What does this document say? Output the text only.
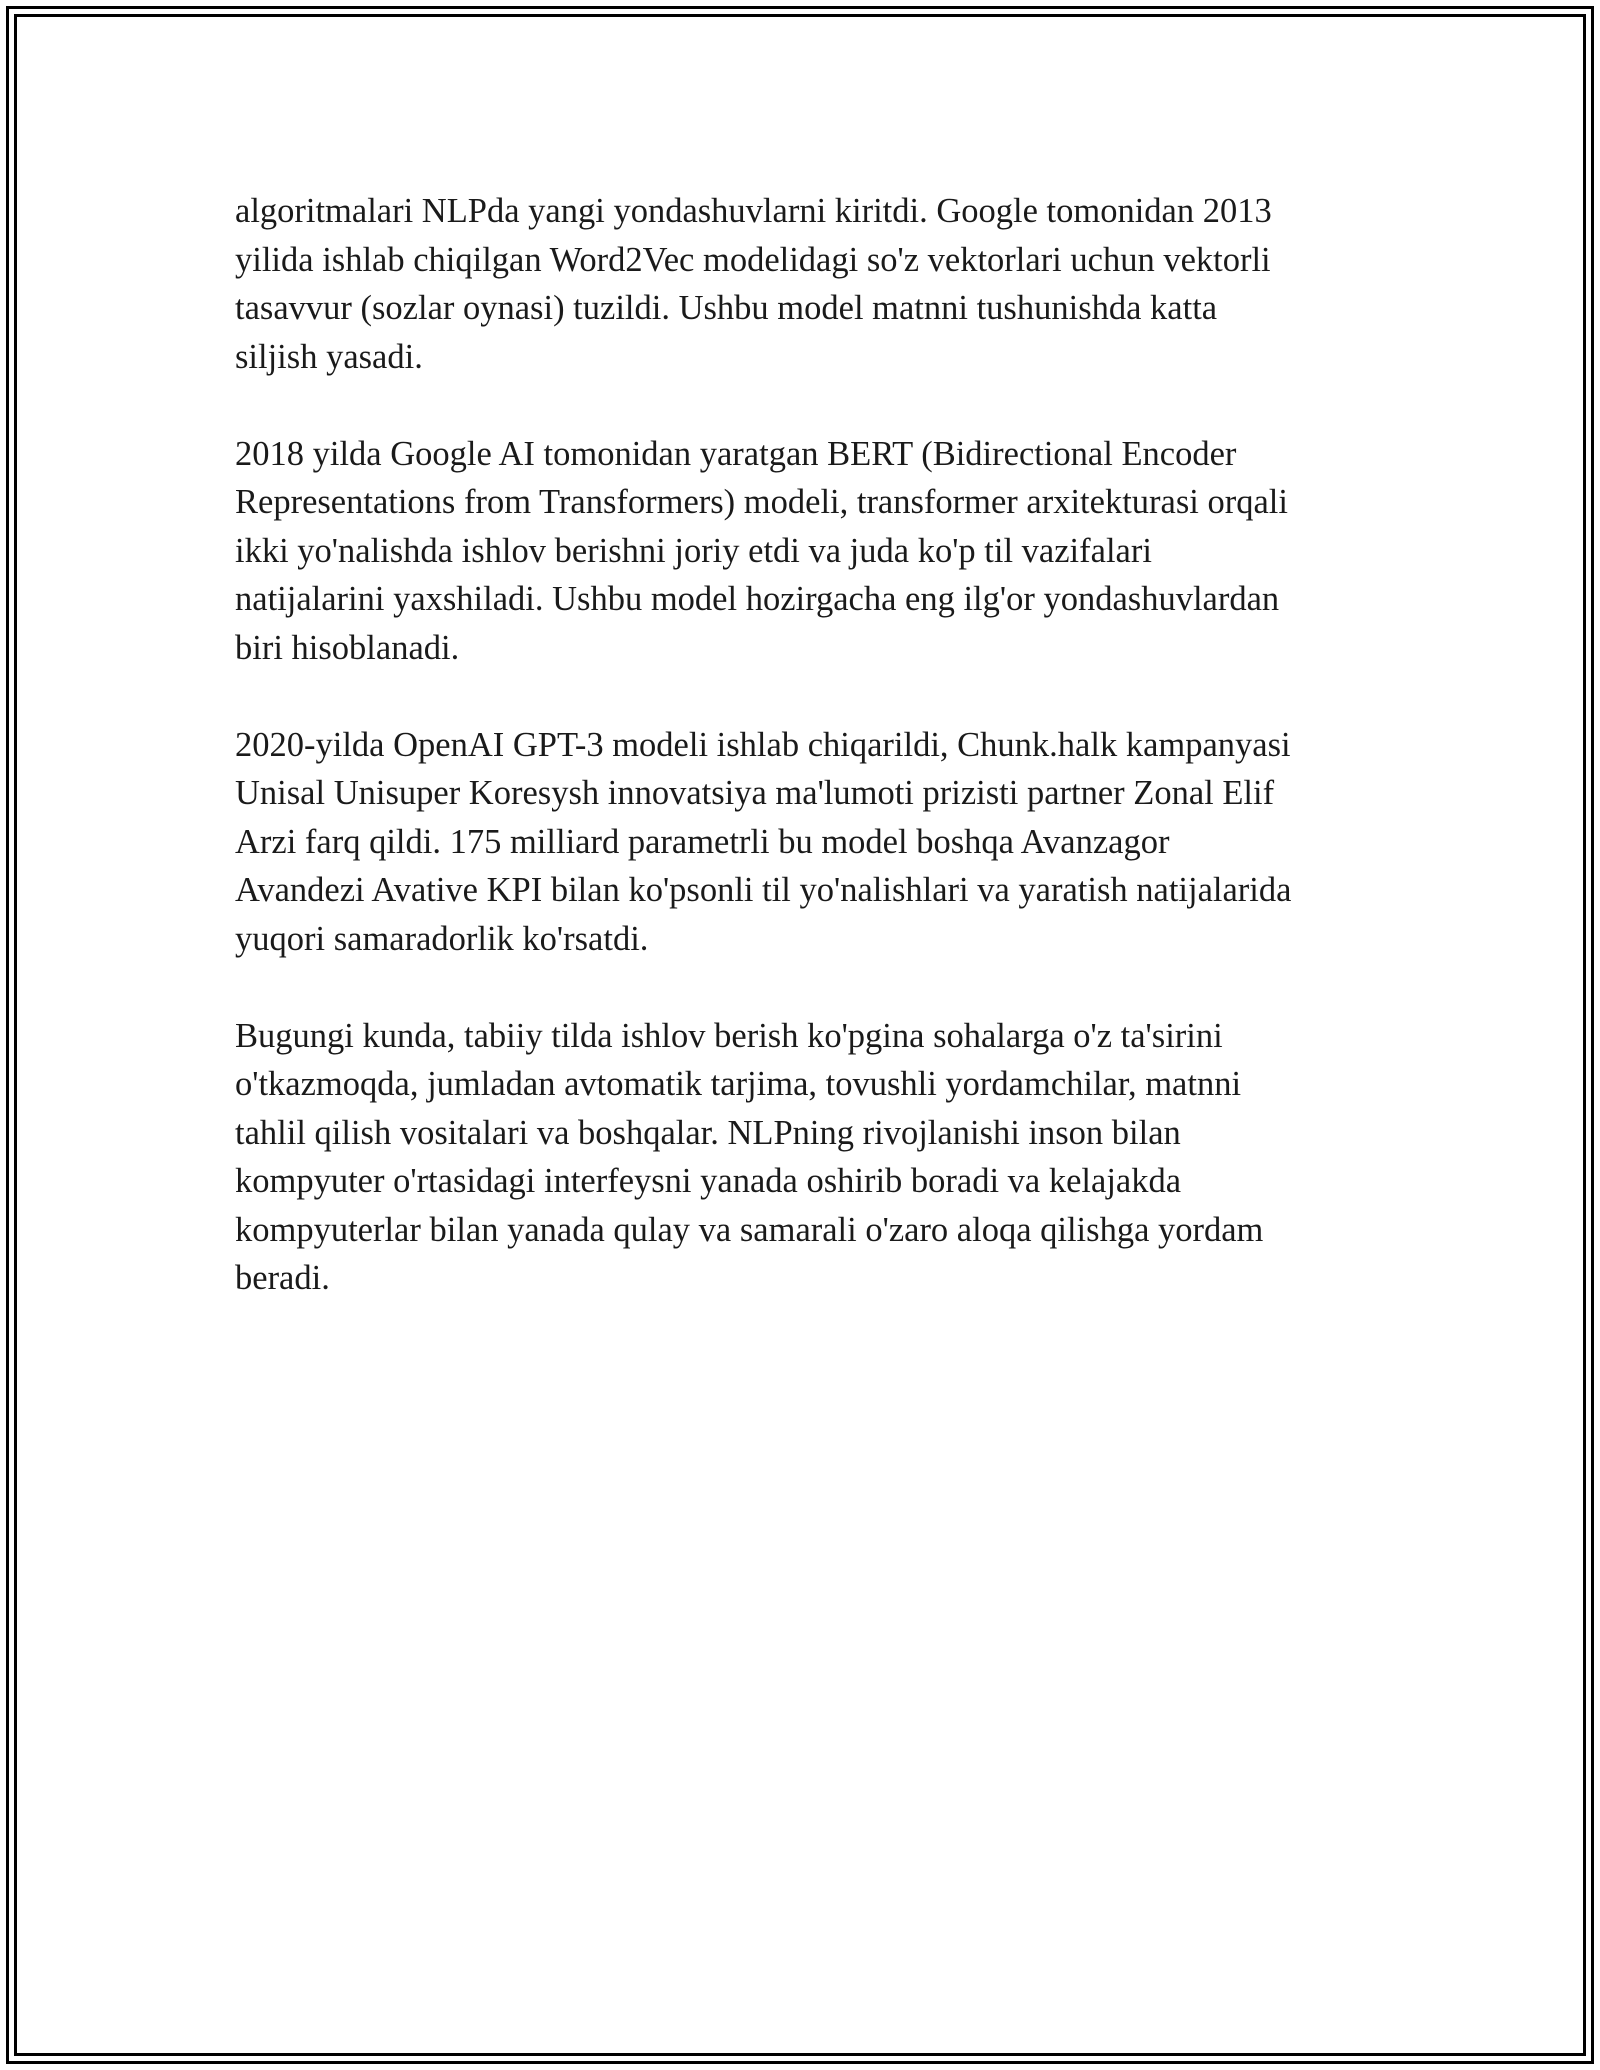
algoritmalari NLPda yangi yondashuvlarni kiritdi. Google tomonidan 2013
yilida ishlab chiqilgan Word2Vec modelidagi so'z vektorlari uchun vektorli
tasavvur (sozlar oynasi) tuzildi. Ushbu model matnni tushunishda katta
siljish yasadi.

2018 yilda Google AI tomonidan yaratgan BERT (Bidirectional Encoder
Representations from Transformers) modeli, transformer arxitekturasi orqali
ikki yo'nalishda ishlov berishni joriy etdi va juda ko'p til vazifalari
natijalarini yaxshiladi. Ushbu model hozirgacha eng ilg'or yondashuvlardan
biri hisoblanadi.

2020-yilda OpenAI GPT-3 modeli ishlab chiqarildi, Chunk.halk kampanyasi
Unisal Unisuper Koresysh innovatsiya ma'lumoti prizisti partner Zonal Elif
Arzi farq qildi. 175 milliard parametrli bu model boshqa Avanzagor
Avandezi Avative KPI bilan ko'psonli til yo'nalishlari va yaratish natijalarida
yuqori samaradorlik ko'rsatdi.

Bugungi kunda, tabiiy tilda ishlov berish ko'pgina sohalarga o'z ta'sirini
o'tkazmoqda, jumladan avtomatik tarjima, tovushli yordamchilar, matnni
tahlil qilish vositalari va boshqalar. NLPning rivojlanishi inson bilan
kompyuter o'rtasidagi interfeysni yanada oshirib boradi va kelajakda
kompyuterlar bilan yanada qulay va samarali o'zaro aloqa qilishga yordam
beradi.
